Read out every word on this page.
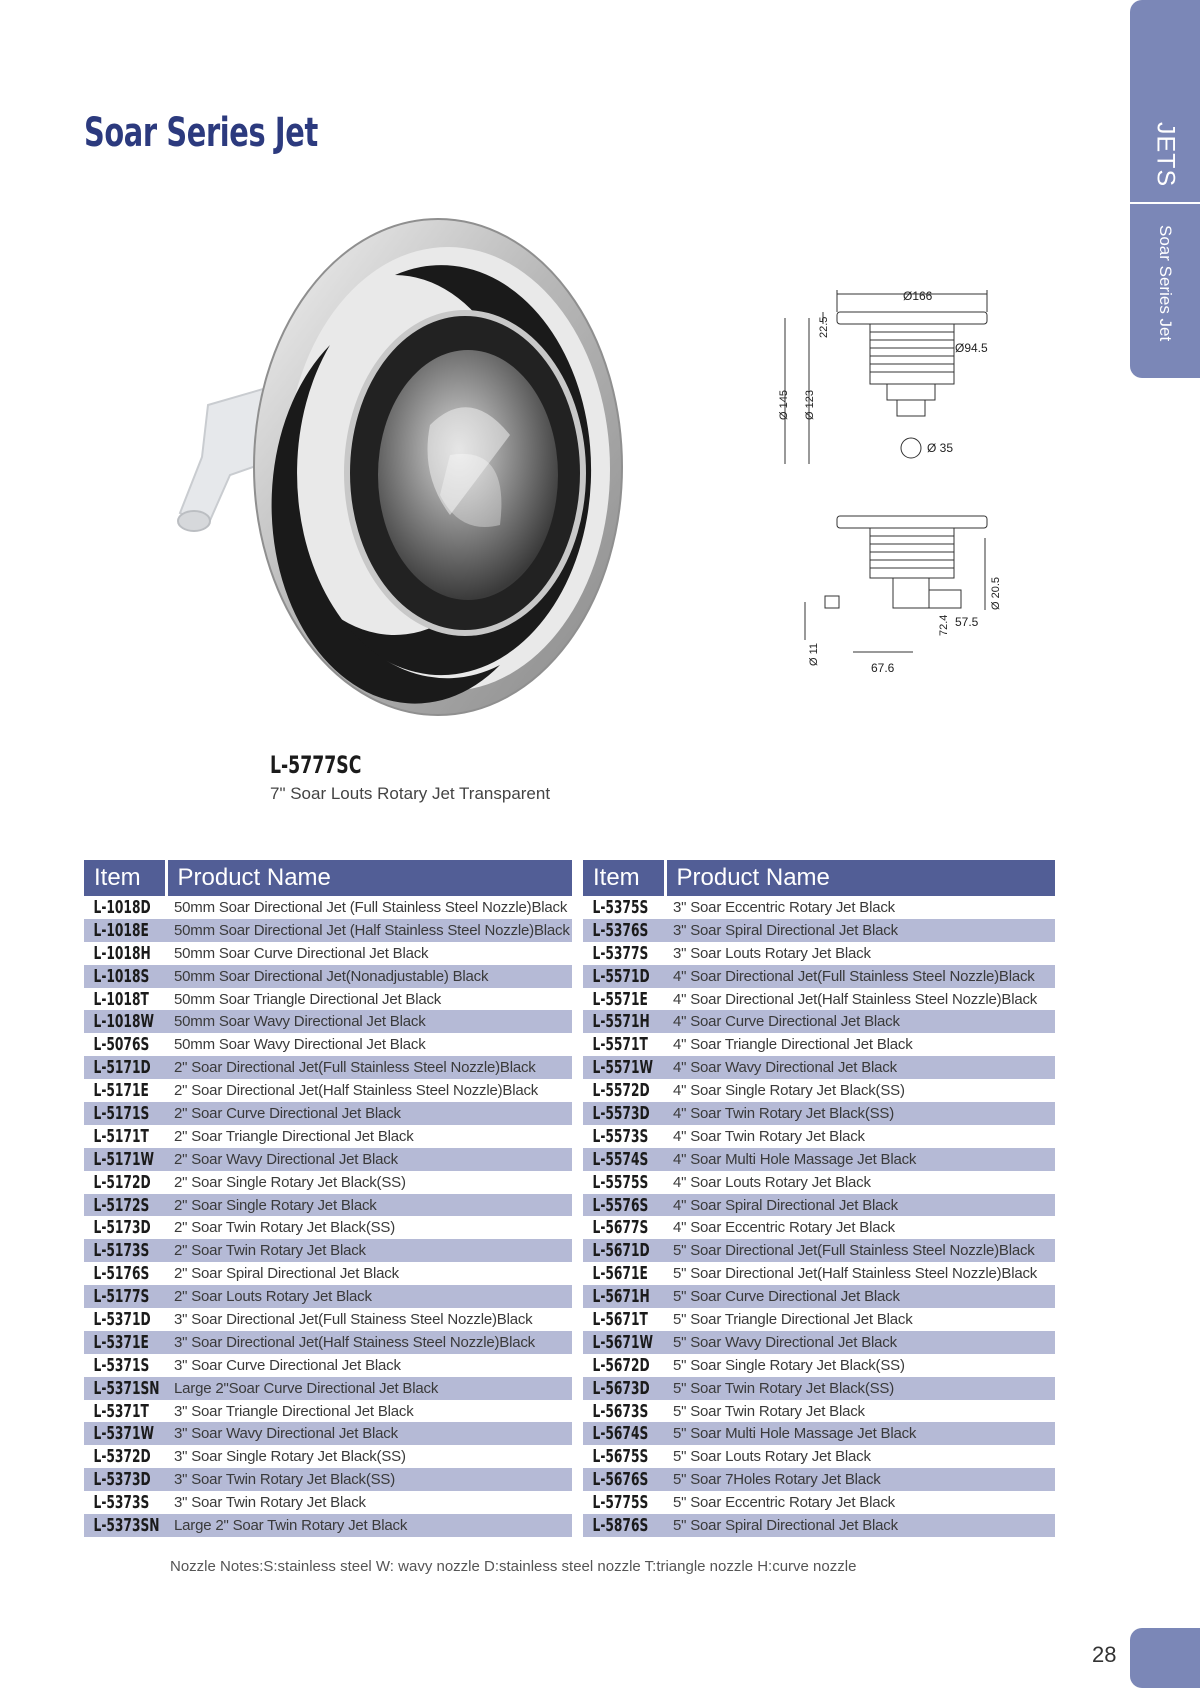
JETS
Soar Series Jet
Soar Series Jet
Ø166
Ø94.5
22.5
Ø 145 Ø 123
Ø 35
72.4
Ø 20.5
57.5
Ø 11
67.6
L-5777SC
7" Soar Louts Rotary Jet Transparent
Item	Product Name
L-1018D	50mm Soar Directional Jet (Full Stainless Steel Nozzle)Black
L-1018E	50mm Soar Directional Jet (Half Stainless Steel Nozzle)Black
L-1018H	50mm Soar Curve Directional Jet Black
L-1018S	50mm Soar Directional Jet(Nonadjustable) Black
L-1018T	50mm Soar Triangle Directional Jet Black
L-1018W	50mm Soar Wavy Directional Jet Black
L-5076S	50mm Soar Wavy Directional Jet Black
L-5171D	2" Soar Directional Jet(Full Stainless Steel Nozzle)Black
L-5171E	2" Soar Directional Jet(Half Stainless Steel Nozzle)Black
L-5171S	2" Soar Curve Directional Jet Black
L-5171T	2" Soar Triangle Directional Jet Black
L-5171W	2" Soar Wavy Directional Jet Black
L-5172D	2" Soar Single Rotary Jet Black(SS)
L-5172S	2" Soar Single Rotary Jet Black
L-5173D	2" Soar Twin Rotary Jet Black(SS)
L-5173S	2" Soar Twin Rotary Jet Black
L-5176S	2" Soar Spiral Directional Jet Black
L-5177S	2" Soar Louts Rotary Jet Black
L-5371D	3" Soar Directional Jet(Full Stainess Steel Nozzle)Black
L-5371E	3" Soar Directional Jet(Half Stainess Steel Nozzle)Black
L-5371S	3" Soar Curve Directional Jet Black
L-5371SN	Large 2"Soar Curve Directional Jet Black
L-5371T	3" Soar Triangle Directional Jet Black
L-5371W	3" Soar Wavy Directional Jet Black
L-5372D	3" Soar Single Rotary Jet Black(SS)
L-5373D	3" Soar Twin Rotary Jet Black(SS)
L-5373S	3" Soar Twin Rotary Jet Black
L-5373SN	Large 2" Soar Twin Rotary Jet Black
Item	Product Name
L-5375S	3" Soar Eccentric Rotary Jet Black
L-5376S	3" Soar Spiral Directional Jet Black
L-5377S	3" Soar Louts Rotary Jet Black
L-5571D	4" Soar Directional Jet(Full Stainless Steel Nozzle)Black
L-5571E	4" Soar Directional Jet(Half Stainless Steel Nozzle)Black
L-5571H	4" Soar Curve Directional Jet Black
L-5571T	4" Soar Triangle Directional Jet Black
L-5571W	4" Soar Wavy Directional Jet Black
L-5572D	4" Soar Single Rotary Jet Black(SS)
L-5573D	4" Soar Twin Rotary Jet Black(SS)
L-5573S	4" Soar Twin Rotary Jet Black
L-5574S	4" Soar Multi Hole Massage Jet Black
L-5575S	4" Soar Louts Rotary Jet Black
L-5576S	4" Soar Spiral Directional Jet Black
L-5677S	4" Soar Eccentric Rotary Jet Black
L-5671D	5" Soar Directional Jet(Full Stainless Steel Nozzle)Black
L-5671E	5" Soar Directional Jet(Half Stainless Steel Nozzle)Black
L-5671H	5" Soar Curve Directional Jet Black
L-5671T	5" Soar Triangle Directional Jet Black
L-5671W	5" Soar Wavy Directional Jet Black
L-5672D	5" Soar Single Rotary Jet Black(SS)
L-5673D	5" Soar Twin Rotary Jet Black(SS)
L-5673S	5" Soar Twin Rotary Jet Black
L-5674S	5" Soar Multi Hole Massage Jet Black
L-5675S	5" Soar Louts Rotary Jet Black
L-5676S	5" Soar 7Holes Rotary Jet Black
L-5775S	5" Soar Eccentric Rotary Jet Black
L-5876S	5" Soar Spiral Directional Jet Black
Nozzle Notes:S:stainless steel W: wavy nozzle D:stainless steel nozzle T:triangle nozzle H:curve nozzle
28
